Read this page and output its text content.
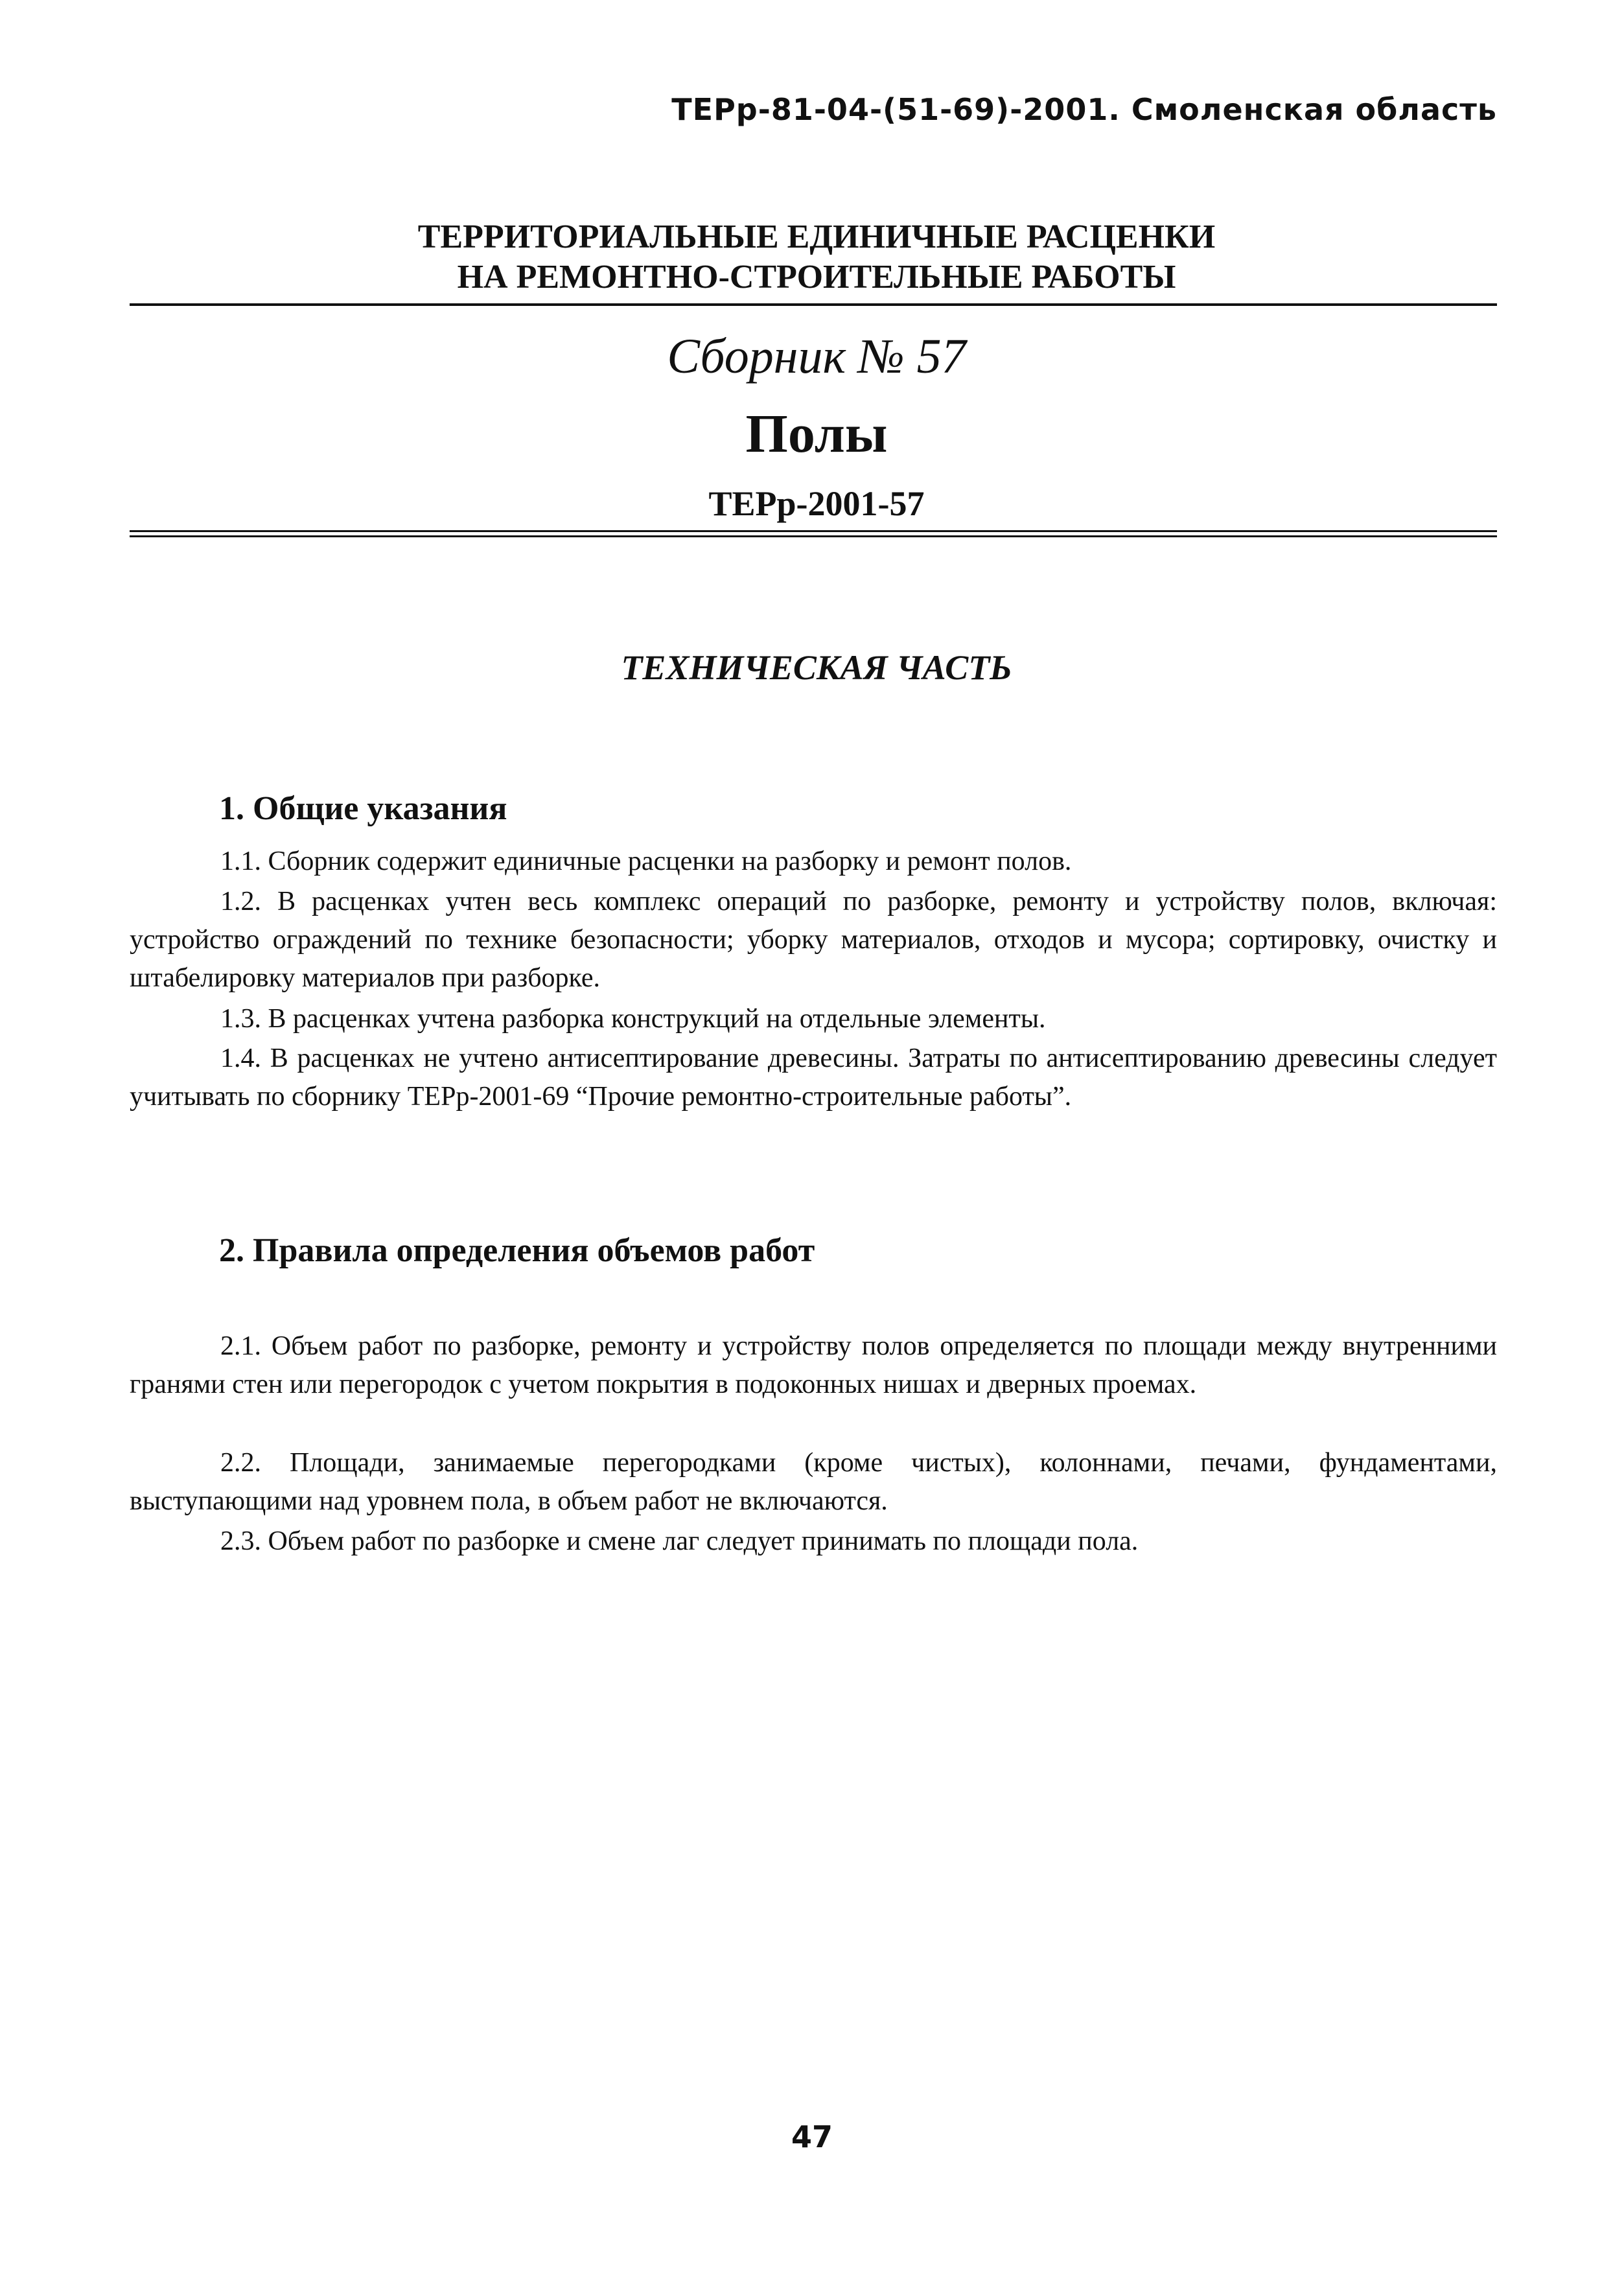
ТЕРр-81-04-(51-69)-2001. Смоленская область
ТЕРРИТОРИАЛЬНЫЕ ЕДИНИЧНЫЕ РАСЦЕНКИ
НА РЕМОНТНО-СТРОИТЕЛЬНЫЕ РАБОТЫ
Сборник № 57
Полы
ТЕРр-2001-57
ТЕХНИЧЕСКАЯ ЧАСТЬ
1. Общие указания
1.1. Сборник содержит единичные расценки на разборку и ремонт полов.
1.2. В расценках учтен весь комплекс операций по разборке, ремонту и устройству полов, включая: устройство ограждений по технике безопасности; уборку материалов, отходов и мусора; сортировку, очистку и штабелировку материалов при разборке.
1.3. В расценках учтена разборка конструкций на отдельные элементы.
1.4. В расценках не учтено антисептирование древесины. Затраты по антисептированию древесины следует учитывать по сборнику ТЕРр-2001-69 “Прочие ремонтно-строительные работы”.
2. Правила определения объемов работ
2.1. Объем работ по разборке, ремонту и устройству полов определяется по площади между внутренними гранями стен или перегородок с учетом покрытия в подоконных нишах и дверных проемах.
2.2. Площади, занимаемые перегородками (кроме чистых), колоннами, печами, фундаментами, выступающими над уровнем пола, в объем работ не включаются.
2.3. Объем работ по разборке и смене лаг следует принимать по площади пола.
47
